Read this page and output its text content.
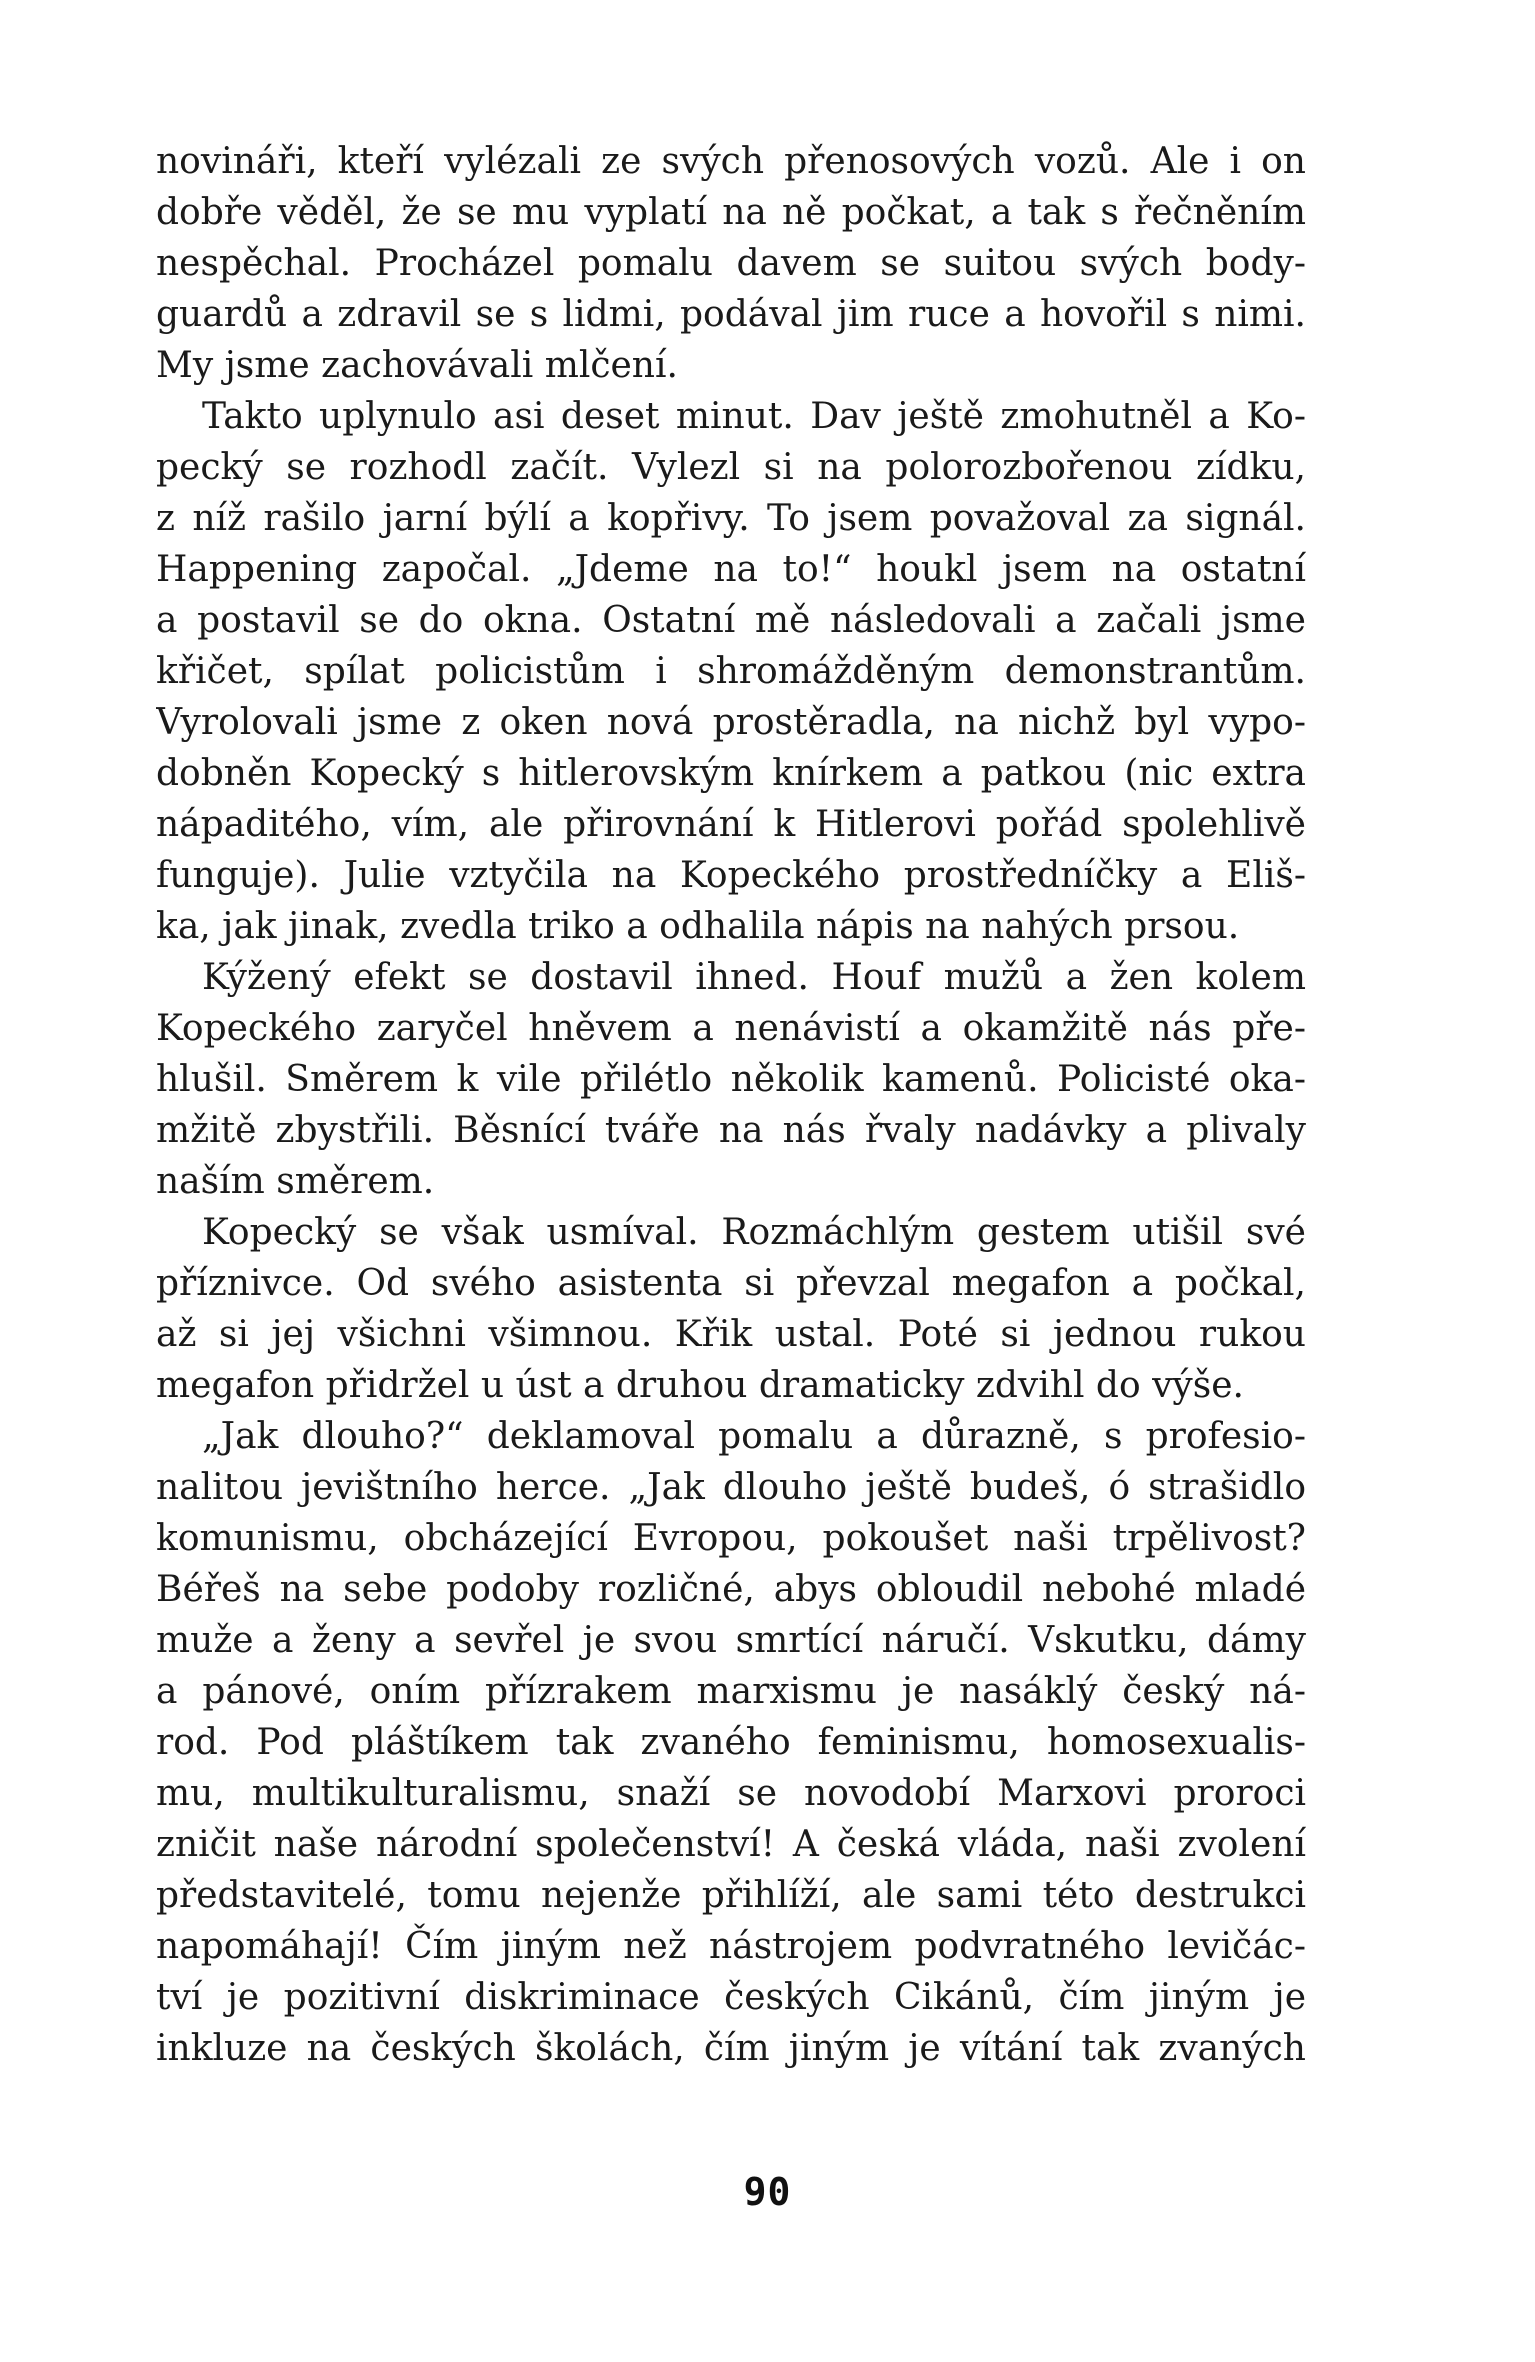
novináři, kteří vylézali ze svých přenosových vozů. Ale i on
dobře věděl, že se mu vyplatí na ně počkat, a tak s řečněním
nespěchal. Procházel pomalu davem se suitou svých body-
guardů a zdravil se s lidmi, podával jim ruce a hovořil s nimi.
My jsme zachovávali mlčení.
Takto uplynulo asi deset minut. Dav ještě zmohutněl a Ko-
pecký se rozhodl začít. Vylezl si na polorozbořenou zídku,
z níž rašilo jarní býlí a kopřivy. To jsem považoval za signál.
Happening započal. „Jdeme na to!“ houkl jsem na ostatní
a postavil se do okna. Ostatní mě následovali a začali jsme
křičet, spílat policistům i shromážděným demonstrantům.
Vyrolovali jsme z oken nová prostěradla, na nichž byl vypo-
dobněn Kopecký s hitlerovským knírkem a patkou (nic extra
nápaditého, vím, ale přirovnání k Hitlerovi pořád spolehlivě
funguje). Julie vztyčila na Kopeckého prostředníčky a Eliš-
ka, jak jinak, zvedla triko a odhalila nápis na nahých prsou.
Kýžený efekt se dostavil ihned. Houf mužů a žen kolem
Kopeckého zaryčel hněvem a nenávistí a okamžitě nás pře-
hlušil. Směrem k vile přilétlo několik kamenů. Policisté oka-
mžitě zbystřili. Běsnící tváře na nás řvaly nadávky a plivaly
naším směrem.
Kopecký se však usmíval. Rozmáchlým gestem utišil své
příznivce. Od svého asistenta si převzal megafon a počkal,
až si jej všichni všimnou. Křik ustal. Poté si jednou rukou
megafon přidržel u úst a druhou dramaticky zdvihl do výše.
„Jak dlouho?“ deklamoval pomalu a důrazně, s profesio-
nalitou jevištního herce. „Jak dlouho ještě budeš, ó strašidlo
komunismu, obcházející Evropou, pokoušet naši trpělivost?
Béřeš na sebe podoby rozličné, abys obloudil nebohé mladé
muže a ženy a sevřel je svou smrtící náručí. Vskutku, dámy
a pánové, oním přízrakem marxismu je nasáklý český ná-
rod. Pod pláštíkem tak zvaného feminismu, homosexualis-
mu, multikulturalismu, snaží se novodobí Marxovi proroci
zničit naše národní společenství! A česká vláda, naši zvolení
představitelé, tomu nejenže přihlíží, ale sami této destrukci
napomáhají! Čím jiným než nástrojem podvratného levičác-
tví je pozitivní diskriminace českých Cikánů, čím jiným je
inkluze na českých školách, čím jiným je vítání tak zvaných
90
